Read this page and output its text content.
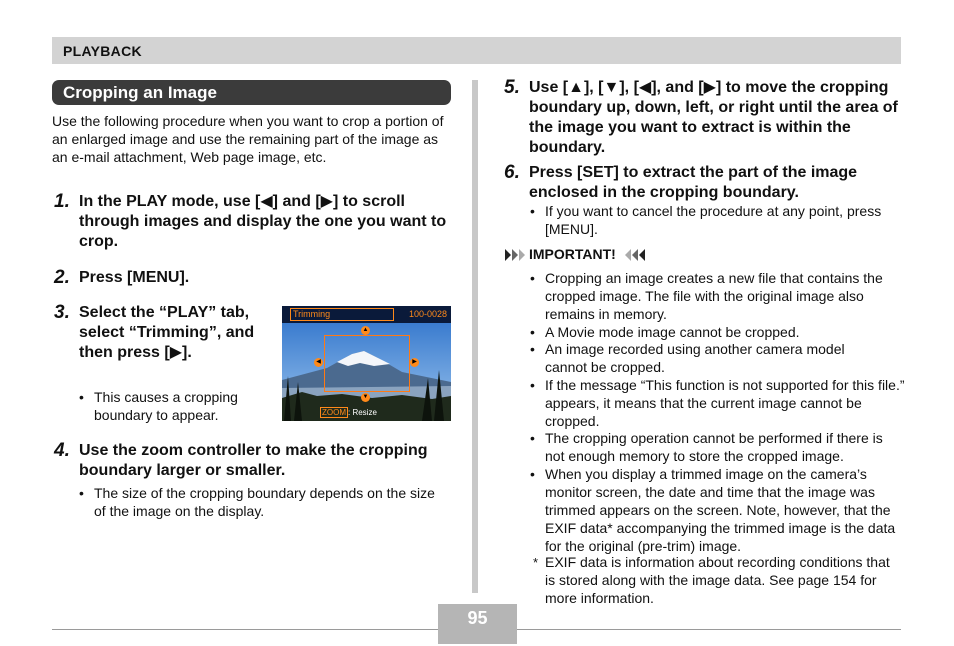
PLAYBACK
Cropping an Image
Use the following procedure when you want to crop a portion of an enlarged image and use the remaining part of the image as an e-mail attachment, Web page image, etc.
1. In the PLAY mode, use [◀] and [▶] to scroll through images and display the one you want to crop.
2. Press [MENU].
3. Select the “PLAY” tab, select “Trimming”, and then press [▶].
• This causes a cropping boundary to appear.
Trimming	100-0028
▲
▼
◀	▶
ZOOM : Resize
4. Use the zoom controller to make the cropping boundary larger or smaller.
• The size of the cropping boundary depends on the size of the image on the display.
5. Use [▲], [▼], [◀], and [▶] to move the cropping boundary up, down, left, or right until the area of the image you want to extract is within the boundary.
6. Press [SET] to extract the part of the image enclosed in the cropping boundary.
• If you want to cancel the procedure at any point, press [MENU].
IMPORTANT!
• Cropping an image creates a new file that contains the cropped image. The file with the original image also remains in memory.
• A Movie mode image cannot be cropped.
• An image recorded using another camera model cannot be cropped.
• If the message “This function is not supported for this file.” appears, it means that the current image cannot be cropped.
• The cropping operation cannot be performed if there is not enough memory to store the cropped image.
• When you display a trimmed image on the camera’s monitor screen, the date and time that the image was trimmed appears on the screen. Note, however, that the EXIF data* accompanying the trimmed image is the data for the original (pre-trim) image.
* EXIF data is information about recording conditions that is stored along with the image data. See page 154 for more information.
95
